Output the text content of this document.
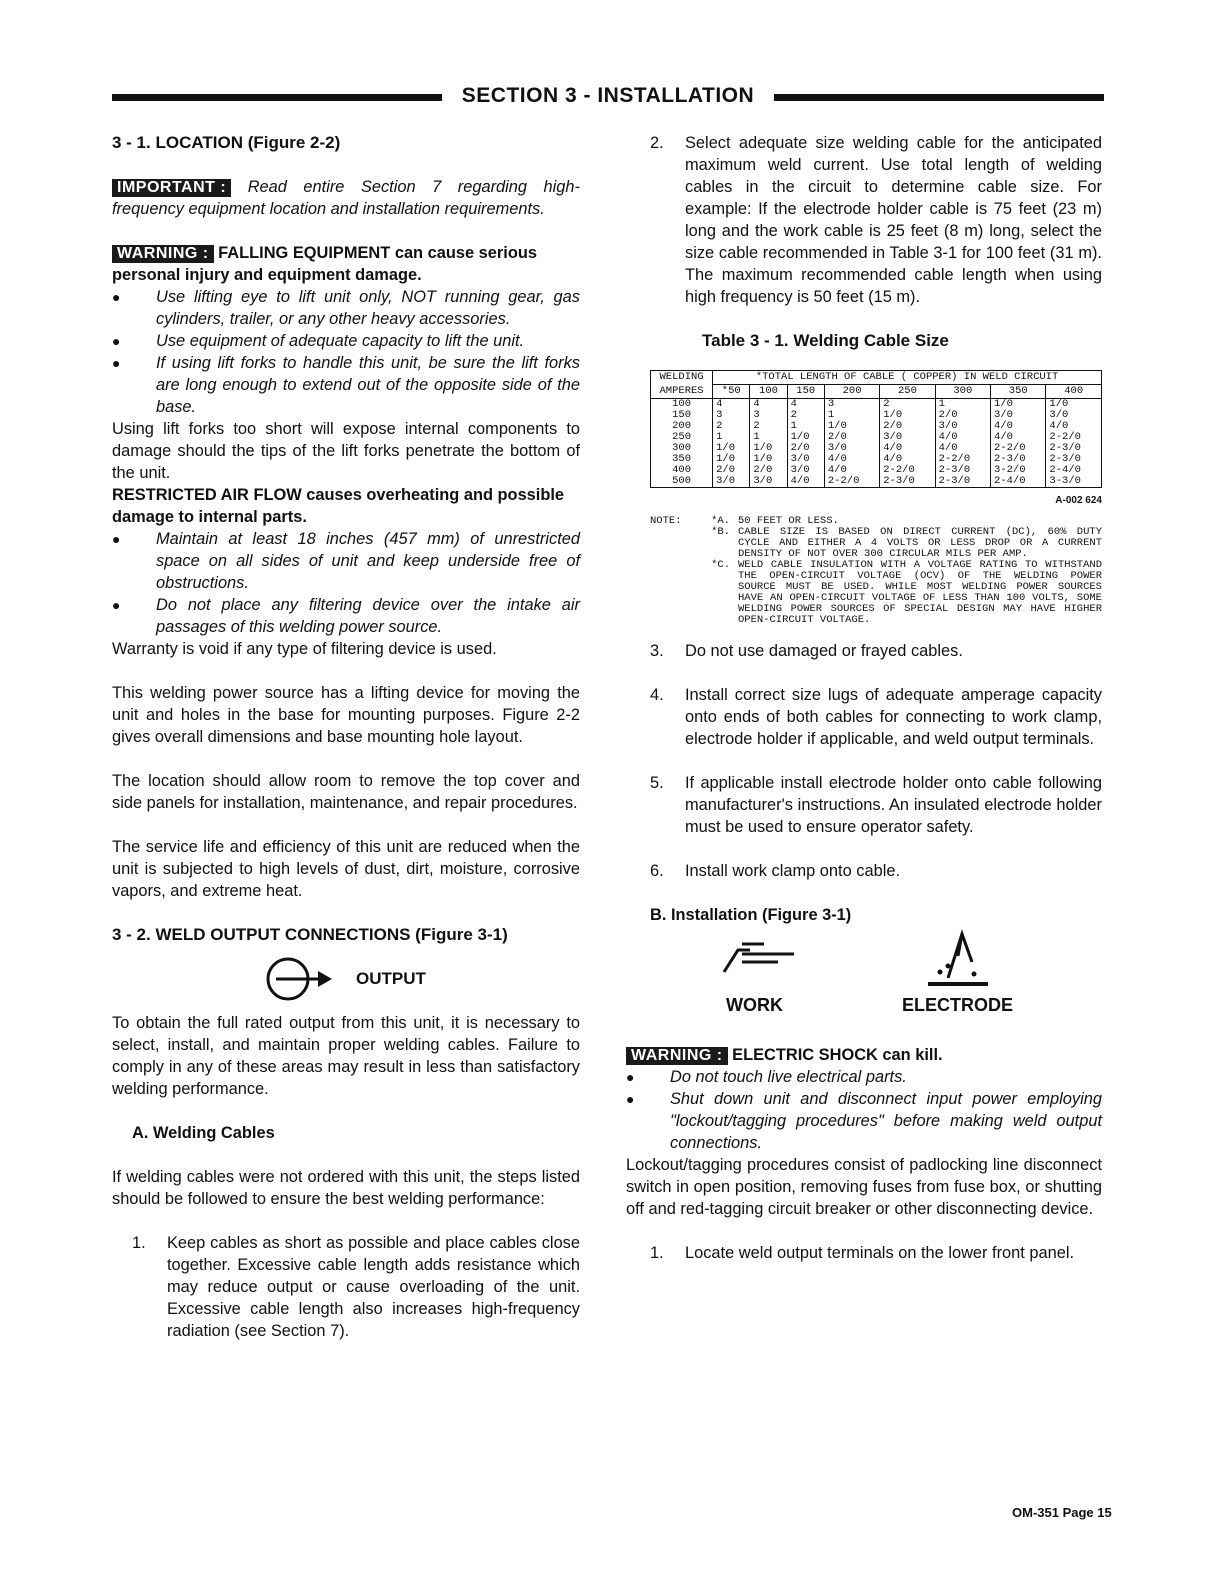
SECTION 3 - INSTALLATION

3 - 1. LOCATION (Figure 2-2)

IMPORTANT : Read entire Section 7 regarding high-frequency equipment location and installation requirements.

WARNING : FALLING EQUIPMENT can cause serious personal injury and equipment damage.

●	Use lifting eye to lift unit only, NOT running gear, gas cylinders, trailer, or any other heavy accessories.
●	Use equipment of adequate capacity to lift the unit.
●	If using lift forks to handle this unit, be sure the lift forks are long enough to extend out of the opposite side of the base.

Using lift forks too short will expose internal components to damage should the tips of the lift forks penetrate the bottom of the unit.

RESTRICTED AIR FLOW causes overheating and possible damage to internal parts.

●	Maintain at least 18 inches (457 mm) of unrestricted space on all sides of unit and keep underside free of obstructions.
●	Do not place any filtering device over the intake air passages of this welding power source.

Warranty is void if any type of filtering device is used.

This welding power source has a lifting device for moving the unit and holes in the base for mounting purposes. Figure 2-2 gives overall dimensions and base mounting hole layout.

The location should allow room to remove the top cover and side panels for installation, maintenance, and repair procedures.

The service life and efficiency of this unit are reduced when the unit is subjected to high levels of dust, dirt, moisture, corrosive vapors, and extreme heat.

3 - 2. WELD OUTPUT CONNECTIONS (Figure 3-1)

OUTPUT

To obtain the full rated output from this unit, it is necessary to select, install, and maintain proper welding cables. Failure to comply in any of these areas may result in less than satisfactory welding performance.

A. Welding Cables

If welding cables were not ordered with this unit, the steps listed should be followed to ensure the best welding performance:

1.	Keep cables as short as possible and place cables close together. Excessive cable length adds resistance which may reduce output or cause overloading of the unit. Excessive cable length also increases high-frequency radiation (see Section 7).
2.	Select adequate size welding cable for the anticipated maximum weld current. Use total length of welding cables in the circuit to determine cable size. For example: If the electrode holder cable is 75 feet (23 m) long and the work cable is 25 feet (8 m) long, select the size cable recommended in Table 3-1 for 100 feet (31 m). The maximum recommended cable length when using high frequency is 50 feet (15 m).

Table 3 - 1. Welding Cable Size

WELDING	*TOTAL LENGTH OF CABLE ( COPPER) IN WELD CIRCUIT							
AMPERES	*50	100	150	200	250	300	350	400
100	4	4	4	3	2	1	1/0	1/0
150	3	3	2	1	1/0	2/0	3/0	3/0
200	2	2	1	1/0	2/0	3/0	4/0	4/0
250	1	1	1/0	2/0	3/0	4/0	4/0	2-2/0
300	1/0	1/0	2/0	3/0	4/0	4/0	2-2/0	2-3/0
350	1/0	1/0	3/0	4/0	4/0	2-2/0	2-3/0	2-3/0
400	2/0	2/0	3/0	4/0	2-2/0	2-3/0	3-2/0	2-4/0
500	3/0	3/0	4/0	2-2/0	2-3/0	2-3/0	2-4/0	3-3/0
A-002 624
NOTE:	*A. 50 FEET OR LESS.
*B. CABLE SIZE IS BASED ON DIRECT CURRENT (DC), 60% DUTY CYCLE AND EITHER A 4 VOLTS OR LESS DROP OR A CURRENT DENSITY OF NOT OVER 300 CIRCULAR MILS PER AMP.
*C. WELD CABLE INSULATION WITH A VOLTAGE RATING TO WITHSTAND THE OPEN-CIRCUIT VOLTAGE (OCV) OF THE WELDING POWER SOURCE MUST BE USED. WHILE MOST WELDING POWER SOURCES HAVE AN OPEN-CIRCUIT VOLTAGE OF LESS THAN 100 VOLTS, SOME WELDING POWER SOURCES OF SPECIAL DESIGN MAY HAVE HIGHER OPEN-CIRCUIT VOLTAGE.
3.	Do not use damaged or frayed cables.
4.	Install correct size lugs of adequate amperage capacity onto ends of both cables for connecting to work clamp, electrode holder if applicable, and weld output terminals.
5.	If applicable install electrode holder onto cable following manufacturer's instructions. An insulated electrode holder must be used to ensure operator safety.
6.	Install work clamp onto cable.

B. Installation (Figure 3-1)

WORK	ELECTRODE

WARNING : ELECTRIC SHOCK can kill.

●	Do not touch live electrical parts.
●	Shut down unit and disconnect input power employing "lockout/tagging procedures" before making weld output connections.

Lockout/tagging procedures consist of padlocking line disconnect switch in open position, removing fuses from fuse box, or shutting off and red-tagging circuit breaker or other disconnecting device.

1.	Locate weld output terminals on the lower front panel.
OM-351 Page 15
